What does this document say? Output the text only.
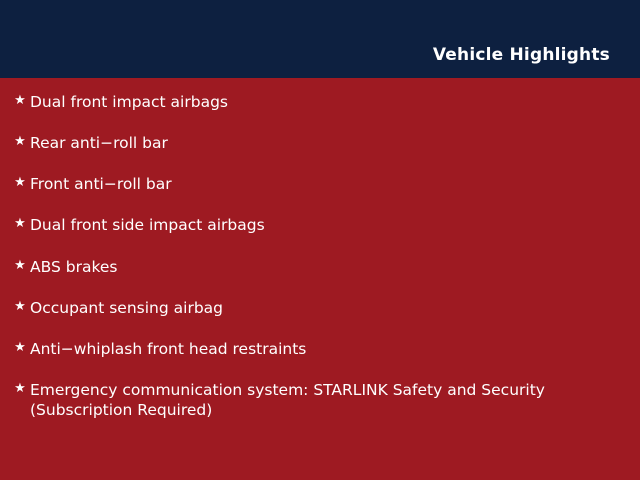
Vehicle Highlights
★ Dual front impact airbags
★ Rear anti−roll bar
★ Front anti−roll bar
★ Dual front side impact airbags
★ ABS brakes
★ Occupant sensing airbag
★ Anti−whiplash front head restraints
★ Emergency communication system: STARLINK Safety and Security (Subscription Required)
